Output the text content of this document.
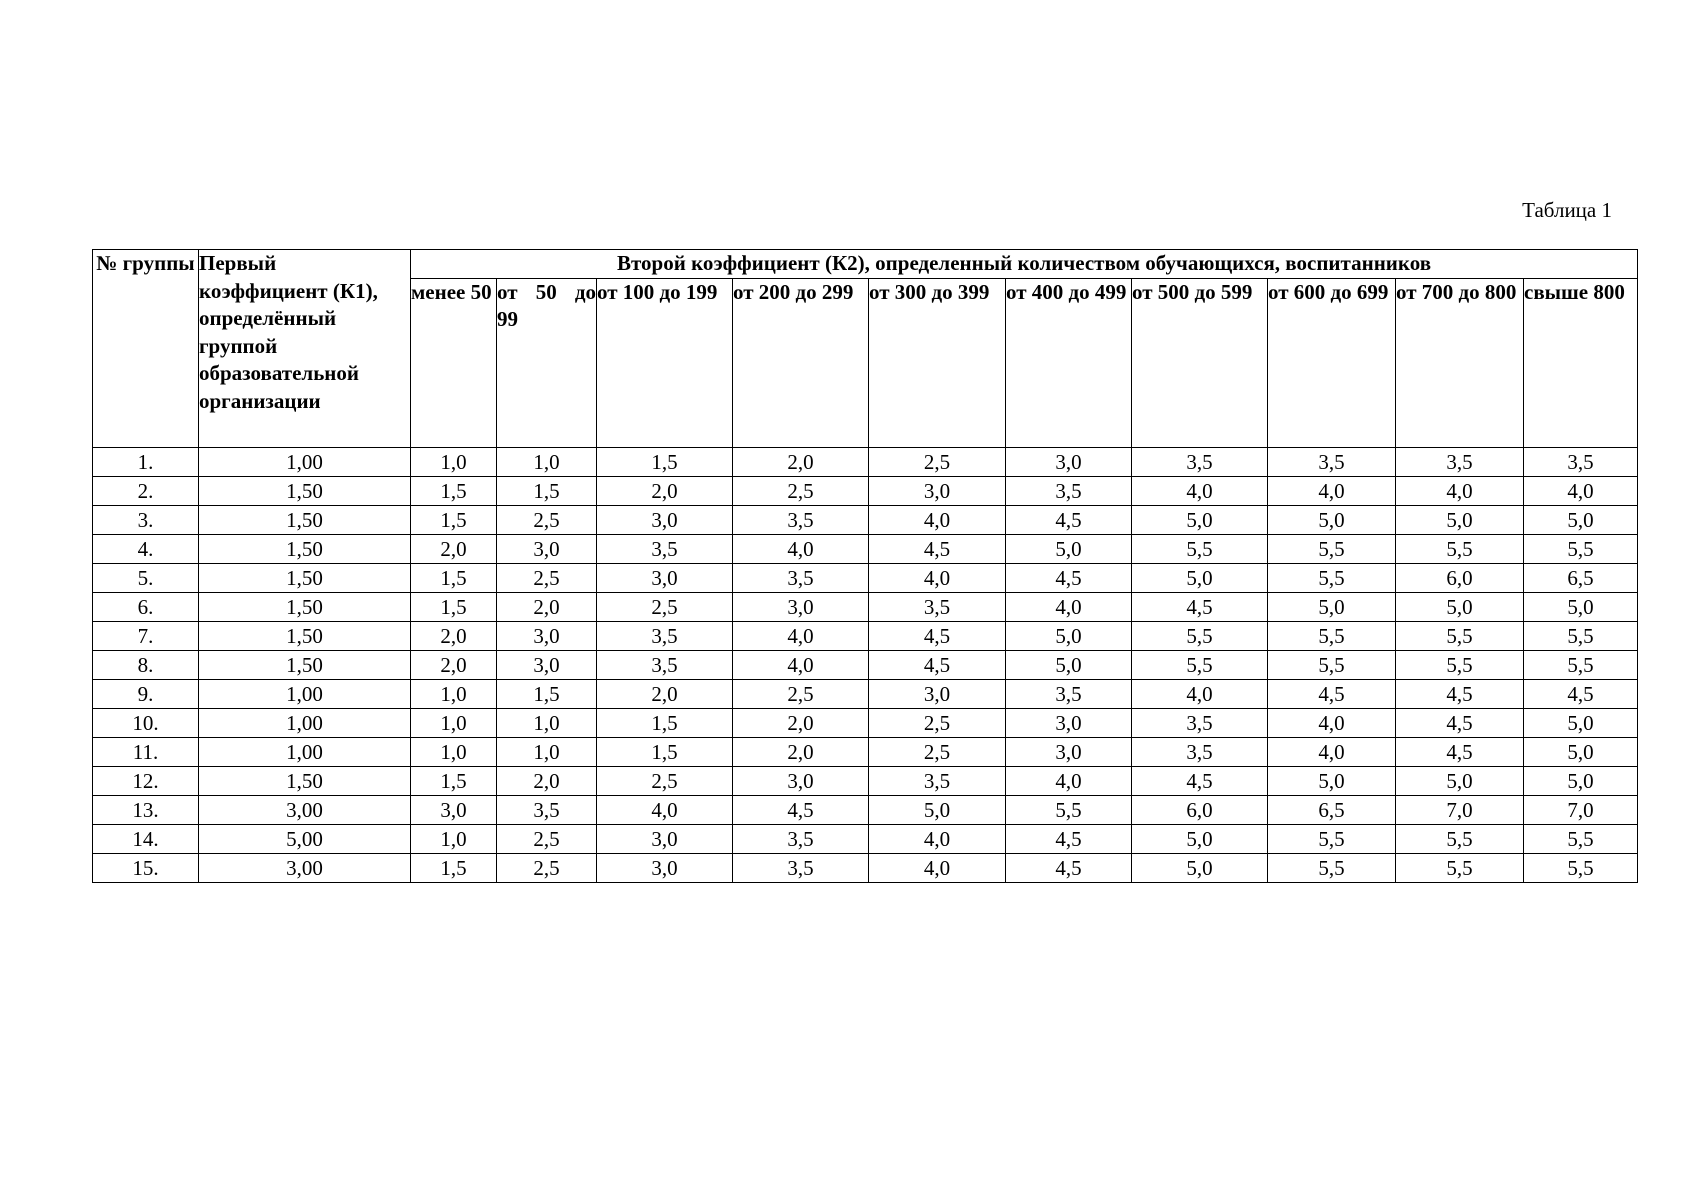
Таблица 1
№ группы	Первый коэффициент (К1), определённый группой образовательной организации	Второй коэффициент (К2), определенный количеством обучающихся, воспитанников									
		менее 50	от 50 до 99	от 100 до 199	от 200 до 299	от 300 до 399	от 400 до 499	от 500 до 599	от 600 до 699	от 700 до 800	свыше 800
1.	1,00	1,0	1,0	1,5	2,0	2,5	3,0	3,5	3,5	3,5	3,5
2.	1,50	1,5	1,5	2,0	2,5	3,0	3,5	4,0	4,0	4,0	4,0
3.	1,50	1,5	2,5	3,0	3,5	4,0	4,5	5,0	5,0	5,0	5,0
4.	1,50	2,0	3,0	3,5	4,0	4,5	5,0	5,5	5,5	5,5	5,5
5.	1,50	1,5	2,5	3,0	3,5	4,0	4,5	5,0	5,5	6,0	6,5
6.	1,50	1,5	2,0	2,5	3,0	3,5	4,0	4,5	5,0	5,0	5,0
7.	1,50	2,0	3,0	3,5	4,0	4,5	5,0	5,5	5,5	5,5	5,5
8.	1,50	2,0	3,0	3,5	4,0	4,5	5,0	5,5	5,5	5,5	5,5
9.	1,00	1,0	1,5	2,0	2,5	3,0	3,5	4,0	4,5	4,5	4,5
10.	1,00	1,0	1,0	1,5	2,0	2,5	3,0	3,5	4,0	4,5	5,0
11.	1,00	1,0	1,0	1,5	2,0	2,5	3,0	3,5	4,0	4,5	5,0
12.	1,50	1,5	2,0	2,5	3,0	3,5	4,0	4,5	5,0	5,0	5,0
13.	3,00	3,0	3,5	4,0	4,5	5,0	5,5	6,0	6,5	7,0	7,0
14.	5,00	1,0	2,5	3,0	3,5	4,0	4,5	5,0	5,5	5,5	5,5
15.	3,00	1,5	2,5	3,0	3,5	4,0	4,5	5,0	5,5	5,5	5,5
